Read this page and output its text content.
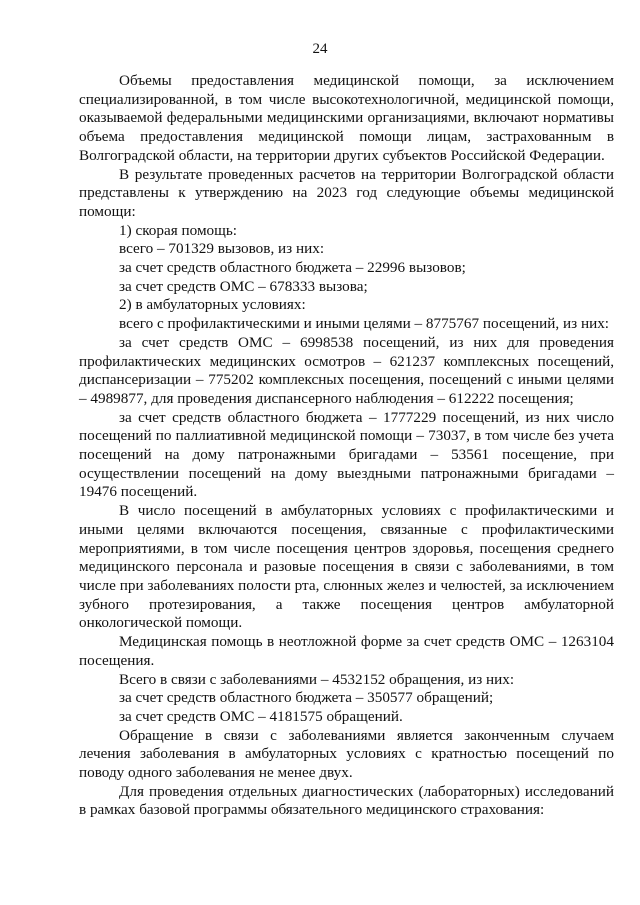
24

Объемы предоставления медицинской помощи, за исключением специализированной, в том числе высокотехнологичной, медицинской помощи, оказываемой федеральными медицинскими организациями, включают нормативы объема предоставления медицинской помощи лицам, застрахованным в Волгоградской области, на территории других субъектов Российской Федерации.

В результате проведенных расчетов на территории Волгоградской области представлены к утверждению на 2023 год следующие объемы медицинской помощи:

1) скорая помощь:

всего – 701329 вызовов, из них:

за счет средств областного бюджета – 22996 вызовов;

за счет средств ОМС – 678333 вызова;

2) в амбулаторных условиях:

всего с профилактическими и иными целями – 8775767 посещений, из них:

за счет средств ОМС – 6998538 посещений, из них для проведения профилактических медицинских осмотров – 621237 комплексных посещений, диспансеризации – 775202 комплексных посещения, посещений с иными целями – 4989877, для проведения диспансерного наблюдения – 612222 посещения;

за счет средств областного бюджета – 1777229 посещений, из них число посещений по паллиативной медицинской помощи – 73037, в том числе без учета посещений на дому патронажными бригадами – 53561 посещение, при осуществлении посещений на дому выездными патронажными бригадами – 19476 посещений.

В число посещений в амбулаторных условиях с профилактическими и иными целями включаются посещения, связанные с профилактическими мероприятиями, в том числе посещения центров здоровья, посещения среднего медицинского персонала и разовые посещения в связи с заболеваниями, в том числе при заболеваниях полости рта, слюнных желез и челюстей, за исключением зубного протезирования, а также посещения центров амбулаторной онкологической помощи.

Медицинская помощь в неотложной форме за счет средств ОМС – 1263104 посещения.

Всего в связи с заболеваниями – 4532152 обращения, из них:

за счет средств областного бюджета – 350577 обращений;

за счет средств ОМС – 4181575 обращений.

Обращение в связи с заболеваниями является законченным случаем лечения заболевания в амбулаторных условиях с кратностью посещений по поводу одного заболевания не менее двух.

Для проведения отдельных диагностических (лабораторных) исследований в рамках базовой программы обязательного медицинского страхования:
